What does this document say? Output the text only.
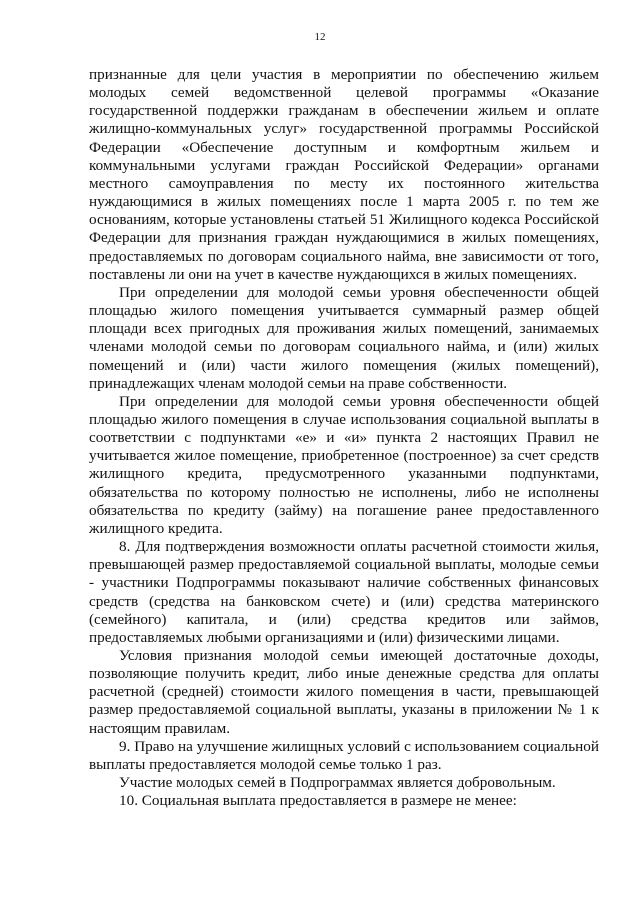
12

признанные для цели участия в мероприятии по обеспечению жильем молодых семей ведомственной целевой программы «Оказание государственной поддержки гражданам в обеспечении жильем и оплате жилищно-коммунальных услуг» государственной программы Российской Федерации «Обеспечение доступным и комфортным жильем и коммунальными услугами граждан Российской Федерации» органами местного самоуправления по месту их постоянного жительства нуждающимися в жилых помещениях после 1 марта 2005 г. по тем же основаниям, которые установлены статьей 51 Жилищного кодекса Российской Федерации для признания граждан нуждающимися в жилых помещениях, предоставляемых по договорам социального найма, вне зависимости от того, поставлены ли они на учет в качестве нуждающихся в жилых помещениях.

При определении для молодой семьи уровня обеспеченности общей площадью жилого помещения учитывается суммарный размер общей площади всех пригодных для проживания жилых помещений, занимаемых членами молодой семьи по договорам социального найма, и (или) жилых помещений и (или) части жилого помещения (жилых помещений), принадлежащих членам молодой семьи на праве собственности.

При определении для молодой семьи уровня обеспеченности общей площадью жилого помещения в случае использования социальной выплаты в соответствии с подпунктами «е» и «и» пункта 2 настоящих Правил не учитывается жилое помещение, приобретенное (построенное) за счет средств жилищного кредита, предусмотренного указанными подпунктами, обязательства по которому полностью не исполнены, либо не исполнены обязательства по кредиту (займу) на погашение ранее предоставленного жилищного кредита.

8. Для подтверждения возможности оплаты расчетной стоимости жилья, превышающей размер предоставляемой социальной выплаты, молодые семьи - участники Подпрограммы показывают наличие собственных финансовых средств (средства на банковском счете) и (или) средства материнского (семейного) капитала, и (или) средства кредитов или займов, предоставляемых любыми организациями и (или) физическими лицами.

Условия признания молодой семьи имеющей достаточные доходы, позволяющие получить кредит, либо иные денежные средства для оплаты расчетной (средней) стоимости жилого помещения в части, превышающей размер предоставляемой социальной выплаты, указаны в приложении № 1 к настоящим правилам.

9. Право на улучшение жилищных условий с использованием социальной выплаты предоставляется молодой семье только 1 раз.

Участие молодых семей в Подпрограммах является добровольным.

10. Социальная выплата предоставляется в размере не менее:
